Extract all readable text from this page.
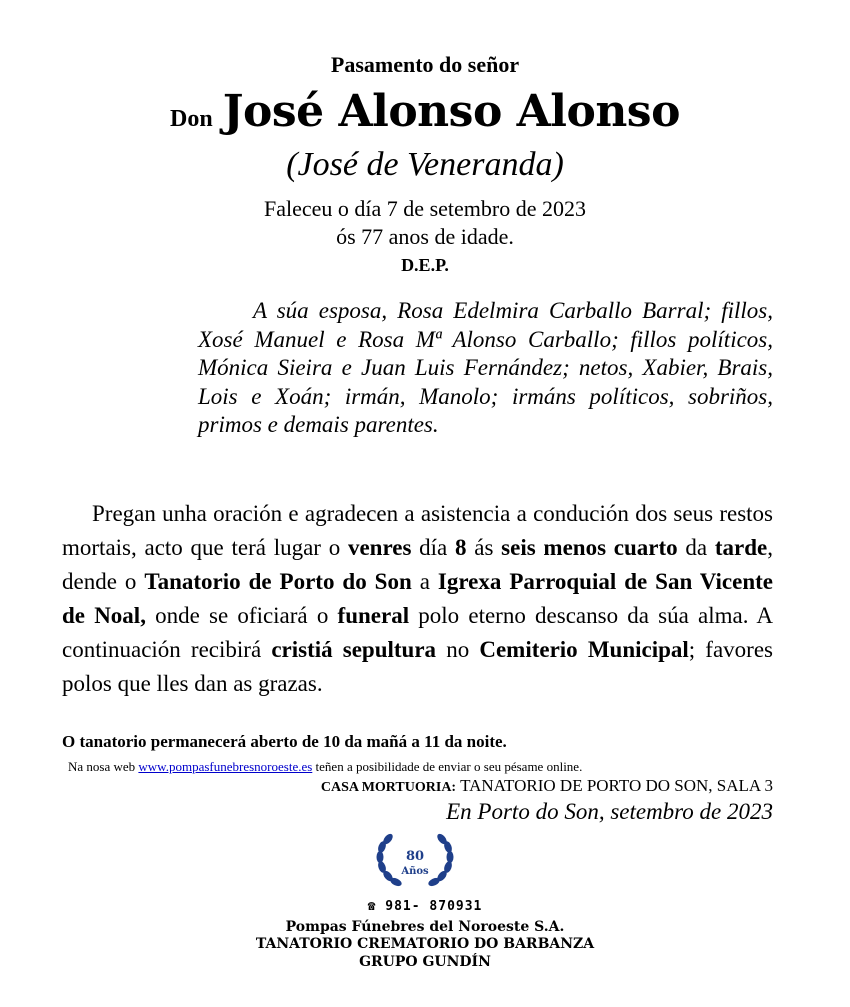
Pasamento do señor
Don José Alonso Alonso
(José de Veneranda)
Faleceu o día 7 de setembro de 2023
ós 77 anos de idade.
D.E.P.

A súa esposa, Rosa Edelmira Carballo Barral; fillos, Xosé Manuel e Rosa Mª Alonso Carballo; fillos políticos, Mónica Sieira e Juan Luis Fernández; netos, Xabier, Brais, Lois e Xoán; irmán, Manolo; irmáns políticos, sobriños, primos e demais parentes.

Pregan unha oración e agradecen a asistencia a condución dos seus restos mortais, acto que terá lugar o venres día 8 ás seis menos cuarto da tarde, dende o Tanatorio de Porto do Son a Igrexa Parroquial de San Vicente de Noal, onde se oficiará o funeral polo eterno descanso da súa alma. A continuación recibirá cristiá sepultura no Cemiterio Municipal; favores polos que lles dan as grazas.

O tanatorio permanecerá aberto de 10 da mañá a 11 da noite.
Na nosa web www.pompasfunebresnoroeste.es teñen a posibilidade de enviar o seu pésame online.
CASA MORTUORIA: TANATORIO DE PORTO DO SON, SALA 3
En Porto do Son, setembro de 2023
80
Años
☎ 981- 870931
Pompas Fúnebres del Noroeste S.A.
TANATORIO CREMATORIO DO BARBANZA
GRUPO GUNDÍN
